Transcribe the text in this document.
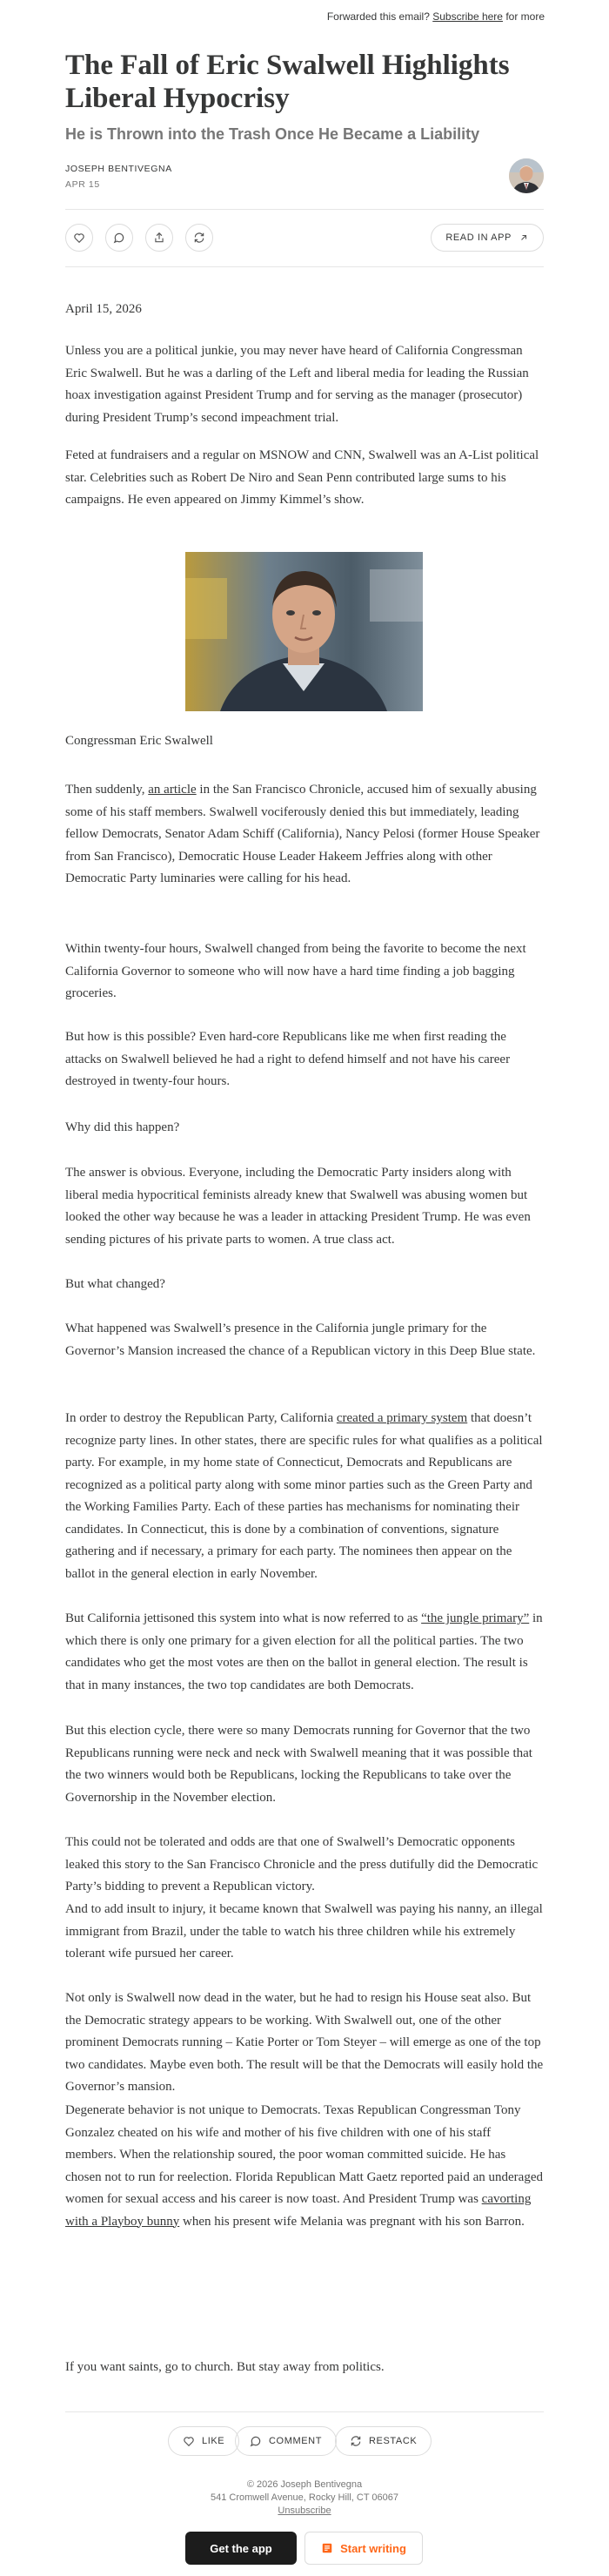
Forwarded this email? Subscribe here for more
The Fall of Eric Swalwell Highlights Liberal Hypocrisy
He is Thrown into the Trash Once He Became a Liability
JOSEPH BENTIVEGNA
APR 15
READ IN APP

April 15, 2026

Unless you are a political junkie, you may never have heard of California Congressman Eric Swalwell. But he was a darling of the Left and liberal media for leading the Russian hoax investigation against President Trump and for serving as the manager (prosecutor) during President Trump’s second impeachment trial.

Feted at fundraisers and a regular on MSNOW and CNN, Swalwell was an A-List political star. Celebrities such as Robert De Niro and Sean Penn contributed large sums to his campaigns. He even appeared on Jimmy Kimmel’s show.

Congressman Eric Swalwell

Then suddenly, an article in the San Francisco Chronicle, accused him of sexually abusing some of his staff members. Swalwell vociferously denied this but immediately, leading fellow Democrats, Senator Adam Schiff (California), Nancy Pelosi (former House Speaker from San Francisco), Democratic House Leader Hakeem Jeffries along with other Democratic Party luminaries were calling for his head.

Within twenty-four hours, Swalwell changed from being the favorite to become the next California Governor to someone who will now have a hard time finding a job bagging groceries.

But how is this possible? Even hard-core Republicans like me when first reading the attacks on Swalwell believed he had a right to defend himself and not have his career destroyed in twenty-four hours.

Why did this happen?

The answer is obvious. Everyone, including the Democratic Party insiders along with liberal media hypocritical feminists already knew that Swalwell was abusing women but looked the other way because he was a leader in attacking President Trump. He was even sending pictures of his private parts to women. A true class act.

But what changed?

What happened was Swalwell’s presence in the California jungle primary for the Governor’s Mansion increased the chance of a Republican victory in this Deep Blue state.

In order to destroy the Republican Party, California created a primary system that doesn’t recognize party lines. In other states, there are specific rules for what qualifies as a political party. For example, in my home state of Connecticut, Democrats and Republicans are recognized as a political party along with some minor parties such as the Green Party and the Working Families Party. Each of these parties has mechanisms for nominating their candidates. In Connecticut, this is done by a combination of conventions, signature gathering and if necessary, a primary for each party. The nominees then appear on the ballot in the general election in early November.

But California jettisoned this system into what is now referred to as “the jungle primary” in which there is only one primary for a given election for all the political parties. The two candidates who get the most votes are then on the ballot in general election. The result is that in many instances, the two top candidates are both Democrats.

But this election cycle, there were so many Democrats running for Governor that the two Republicans running were neck and neck with Swalwell meaning that it was possible that the two winners would both be Republicans, locking the Republicans to take over the Governorship in the November election.

This could not be tolerated and odds are that one of Swalwell’s Democratic opponents leaked this story to the San Francisco Chronicle and the press dutifully did the Democratic Party’s bidding to prevent a Republican victory.

And to add insult to injury, it became known that Swalwell was paying his nanny, an illegal immigrant from Brazil, under the table to watch his three children while his extremely tolerant wife pursued her career.

Not only is Swalwell now dead in the water, but he had to resign his House seat also. But the Democratic strategy appears to be working. With Swalwell out, one of the other prominent Democrats running – Katie Porter or Tom Steyer – will emerge as one of the top two candidates. Maybe even both. The result will be that the Democrats will easily hold the Governor’s mansion.

Degenerate behavior is not unique to Democrats. Texas Republican Congressman Tony Gonzalez cheated on his wife and mother of his five children with one of his staff members. When the relationship soured, the poor woman committed suicide. He has chosen not to run for reelection. Florida Republican Matt Gaetz reported paid an underaged women for sexual access and his career is now toast. And President Trump was cavorting with a Playboy bunny when his present wife Melania was pregnant with his son Barron.

If you want saints, go to church. But stay away from politics.

LIKE	COMMENT	RESTACK
© 2026 Joseph Bentivegna
541 Cromwell Avenue, Rocky Hill, CT 06067
Unsubscribe
Get the app	Start writing
